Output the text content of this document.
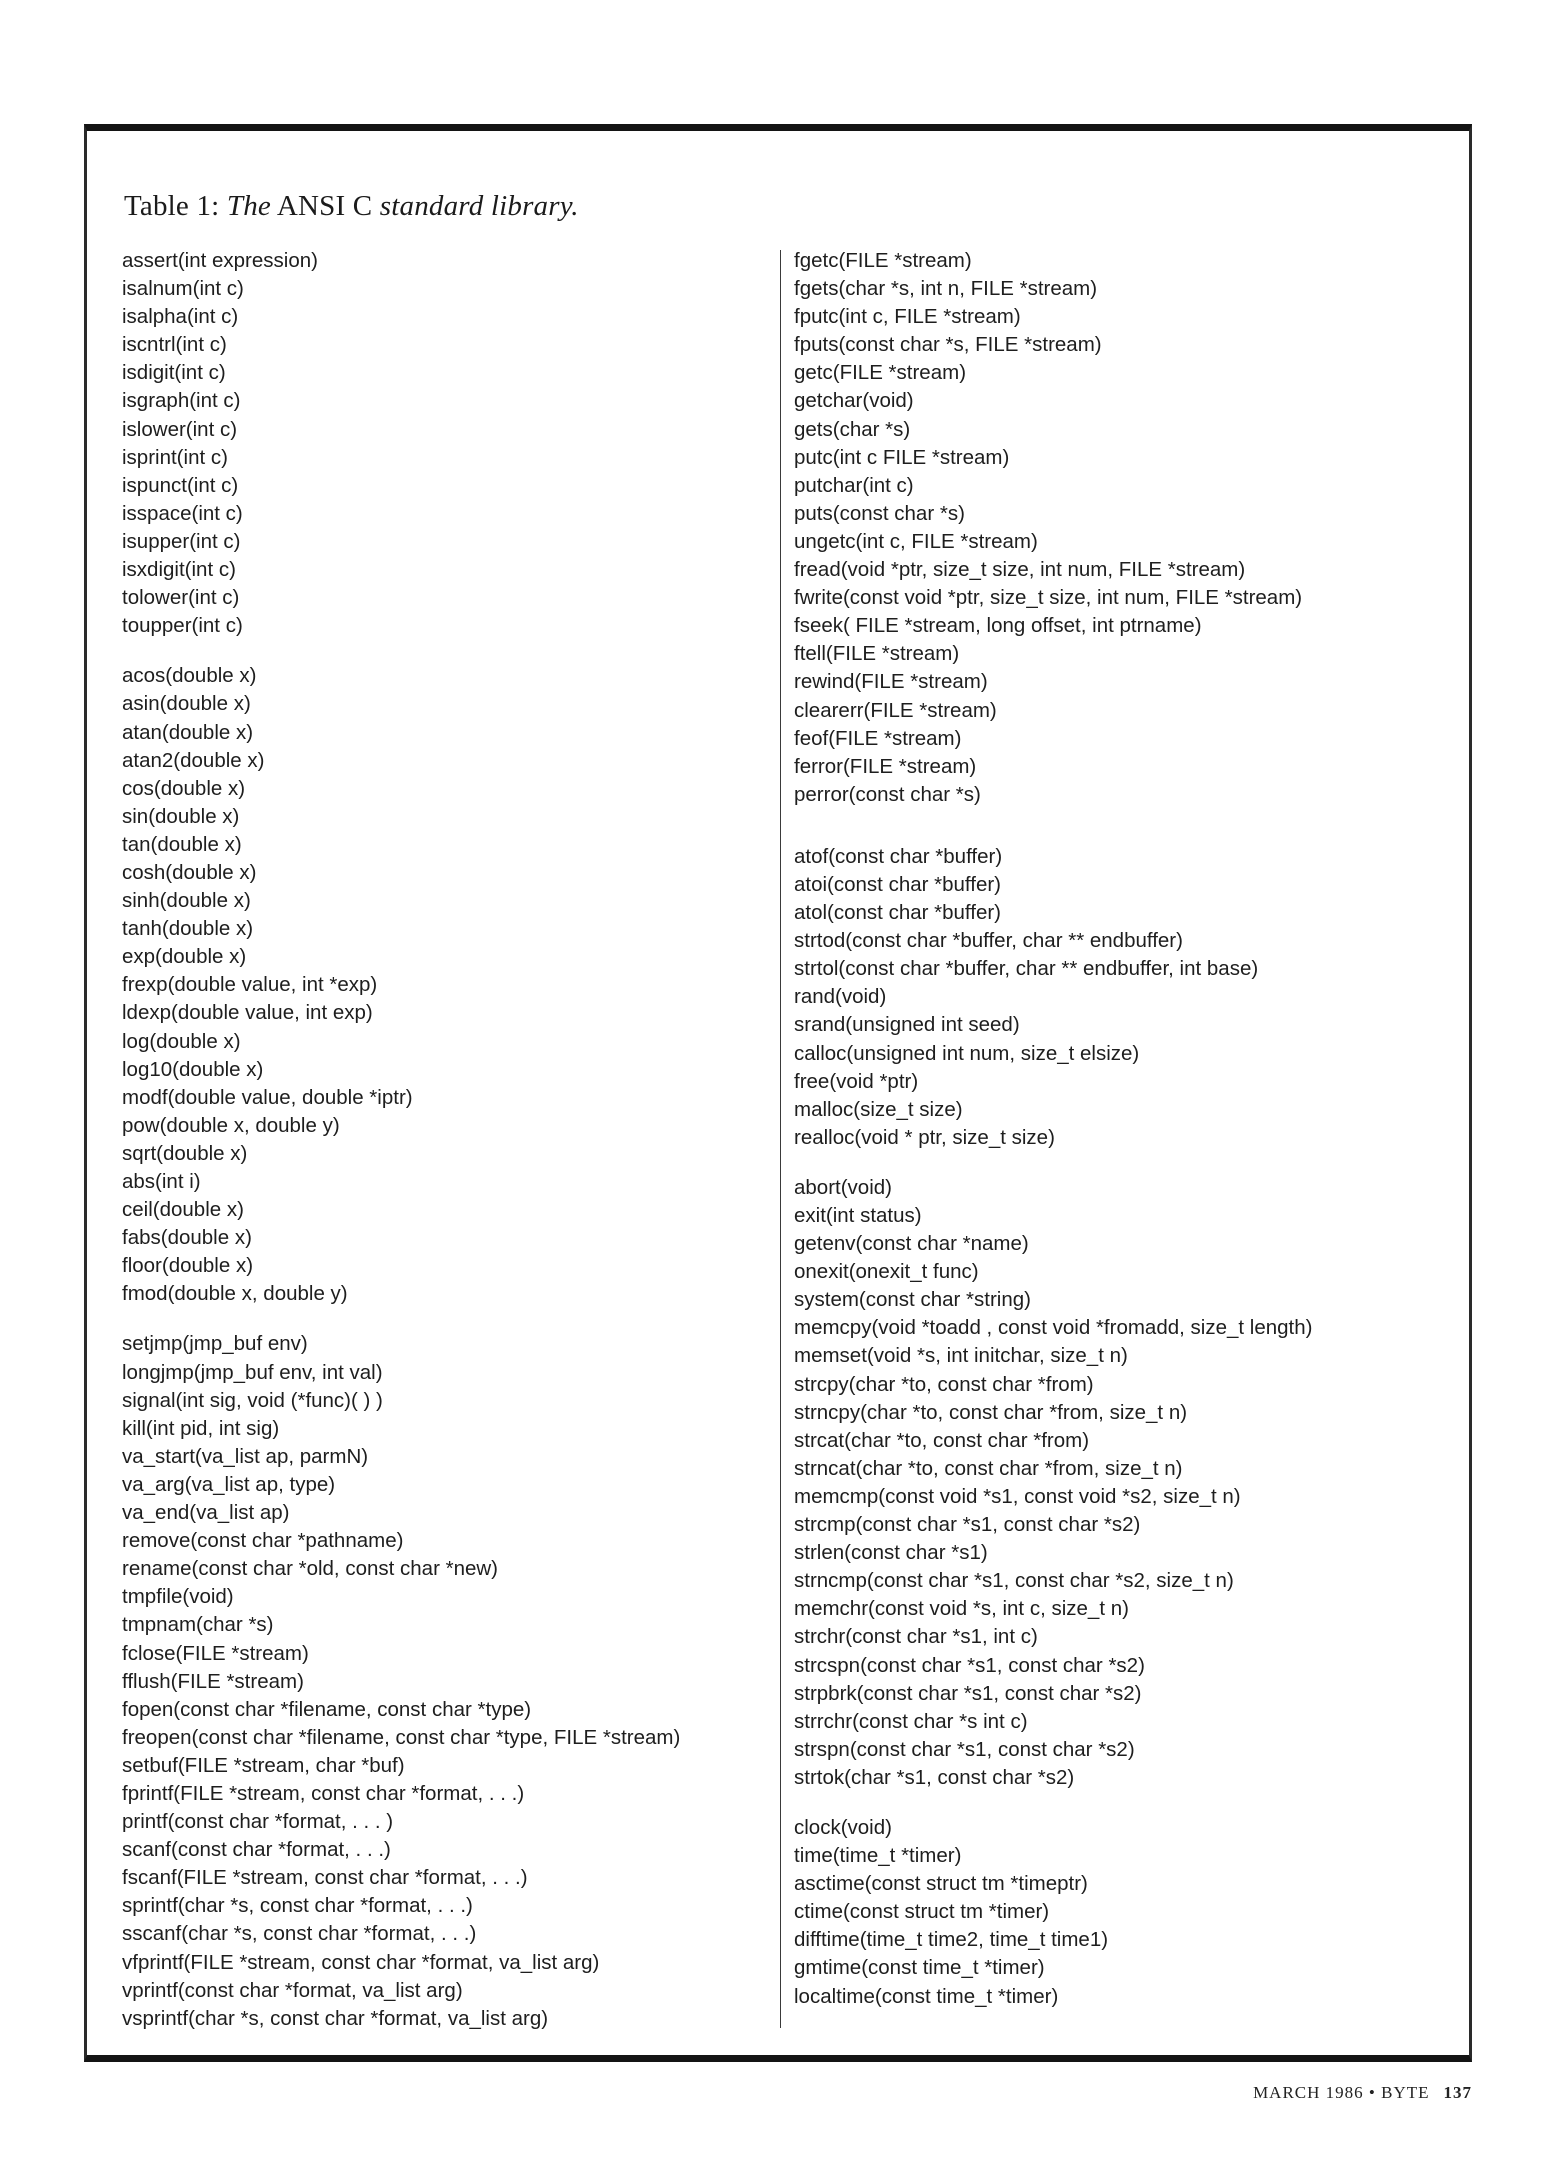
Table 1: The ANSI C standard library.
assert(int expression)
isalnum(int c)
isalpha(int c)
iscntrl(int c)
isdigit(int c)
isgraph(int c)
islower(int c)
isprint(int c)
ispunct(int c)
isspace(int c)
isupper(int c)
isxdigit(int c)
tolower(int c)
toupper(int c)
acos(double x)
asin(double x)
atan(double x)
atan2(double x)
cos(double x)
sin(double x)
tan(double x)
cosh(double x)
sinh(double x)
tanh(double x)
exp(double x)
frexp(double value, int *exp)
ldexp(double value, int exp)
log(double x)
log10(double x)
modf(double value, double *iptr)
pow(double x, double y)
sqrt(double x)
abs(int i)
ceil(double x)
fabs(double x)
floor(double x)
fmod(double x, double y)
setjmp(jmp_buf env)
longjmp(jmp_buf env, int val)
signal(int sig, void (*func)( ) )
kill(int pid, int sig)
va_start(va_list ap, parmN)
va_arg(va_list ap, type)
va_end(va_list ap)
remove(const char *pathname)
rename(const char *old, const char *new)
tmpfile(void)
tmpnam(char *s)
fclose(FILE *stream)
fflush(FILE *stream)
fopen(const char *filename, const char *type)
freopen(const char *filename, const char *type, FILE *stream)
setbuf(FILE *stream, char *buf)
fprintf(FILE *stream, const char *format, . . .)
printf(const char *format, . . . )
scanf(const char *format, . . .)
fscanf(FILE *stream, const char *format, . . .)
sprintf(char *s, const char *format, . . .)
sscanf(char *s, const char *format, . . .)
vfprintf(FILE *stream, const char *format, va_list arg)
vprintf(const char *format, va_list arg)
vsprintf(char *s, const char *format, va_list arg)
fgetc(FILE *stream)
fgets(char *s, int n, FILE *stream)
fputc(int c, FILE *stream)
fputs(const char *s, FILE *stream)
getc(FILE *stream)
getchar(void)
gets(char *s)
putc(int c FILE *stream)
putchar(int c)
puts(const char *s)
ungetc(int c, FILE *stream)
fread(void *ptr, size_t size, int num, FILE *stream)
fwrite(const void *ptr, size_t size, int num, FILE *stream)
fseek( FILE *stream, long offset, int ptrname)
ftell(FILE *stream)
rewind(FILE *stream)
clearerr(FILE *stream)
feof(FILE *stream)
ferror(FILE *stream)
perror(const char *s)
atof(const char *buffer)
atoi(const char *buffer)
atol(const char *buffer)
strtod(const char *buffer, char ** endbuffer)
strtol(const char *buffer, char ** endbuffer, int base)
rand(void)
srand(unsigned int seed)
calloc(unsigned int num, size_t elsize)
free(void *ptr)
malloc(size_t size)
realloc(void * ptr, size_t size)
abort(void)
exit(int status)
getenv(const char *name)
onexit(onexit_t func)
system(const char *string)
memcpy(void *toadd , const void *fromadd, size_t length)
memset(void *s, int initchar, size_t n)
strcpy(char *to, const char *from)
strncpy(char *to, const char *from, size_t n)
strcat(char *to, const char *from)
strncat(char *to, const char *from, size_t n)
memcmp(const void *s1, const void *s2, size_t n)
strcmp(const char *s1, const char *s2)
strlen(const char *s1)
strncmp(const char *s1, const char *s2, size_t n)
memchr(const void *s, int c, size_t n)
strchr(const char *s1, int c)
strcspn(const char *s1, const char *s2)
strpbrk(const char *s1, const char *s2)
strrchr(const char *s int c)
strspn(const char *s1, const char *s2)
strtok(char *s1, const char *s2)
clock(void)
time(time_t *timer)
asctime(const struct tm *timeptr)
ctime(const struct tm *timer)
difftime(time_t time2, time_t time1)
gmtime(const time_t *timer)
localtime(const time_t *timer)
MARCH 1986 • BYTE 137
